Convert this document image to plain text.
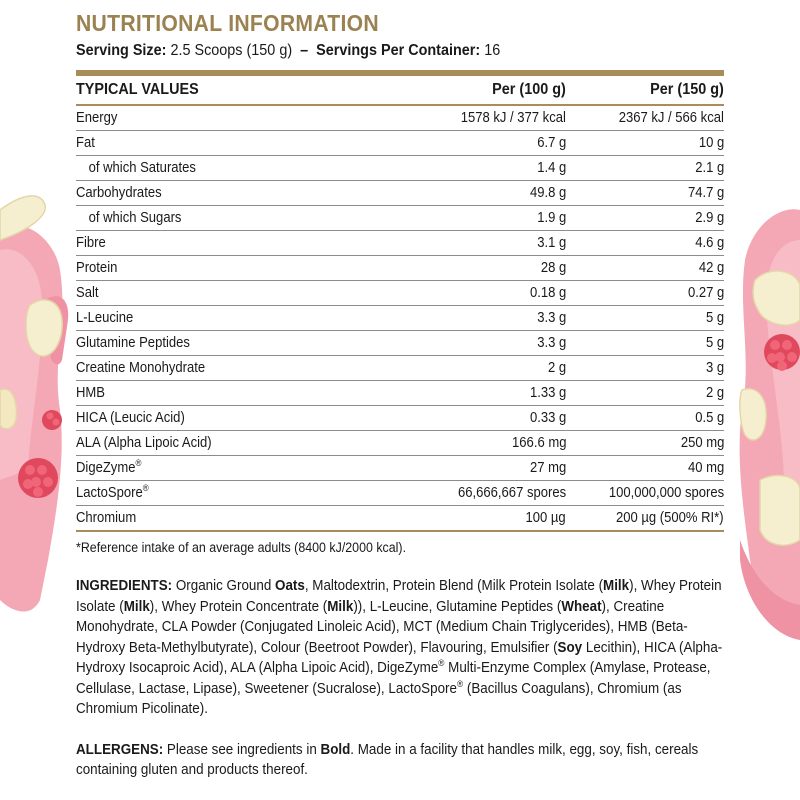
NUTRITIONAL INFORMATION
Serving Size: 2.5 Scoops (150 g) – Servings Per Container: 16
TYPICAL VALUES	Per (100 g)	Per (150 g)
Energy	1578 kJ / 377 kcal	2367 kJ / 566 kcal
Fat	6.7 g	10 g
of which Saturates	1.4 g	2.1 g
Carbohydrates	49.8 g	74.7 g
of which Sugars	1.9 g	2.9 g
Fibre	3.1 g	4.6 g
Protein	28 g	42 g
Salt	0.18 g	0.27 g
L-Leucine	3.3 g	5 g
Glutamine Peptides	3.3 g	5 g
Creatine Monohydrate	2 g	3 g
HMB	1.33 g	2 g
HICA (Leucic Acid)	0.33 g	0.5 g
ALA (Alpha Lipoic Acid)	166.6 mg	250 mg
DigeZyme®	27 mg	40 mg
LactoSpore®	66,666,667 spores	100,000,000 spores
Chromium	100 µg	200 µg (500% RI*)
*Reference intake of an average adults (8400 kJ/2000 kcal).
INGREDIENTS: Organic Ground Oats, Maltodextrin, Protein Blend (Milk Protein Isolate (Milk), Whey Protein Isolate (Milk), Whey Protein Concentrate (Milk)), L-Leucine, Glutamine Peptides (Wheat), Creatine Monohydrate, CLA Powder (Conjugated Linoleic Acid), MCT (Medium Chain Triglycerides), HMB (Beta-Hydroxy Beta-Methylbutyrate), Colour (Beetroot Powder), Flavouring, Emulsifier (Soy Lecithin), HICA (Alpha-Hydroxy Isocaproic Acid), ALA (Alpha Lipoic Acid), DigeZyme® Multi-Enzyme Complex (Amylase, Protease, Cellulase, Lactase, Lipase), Sweetener (Sucralose), LactoSpore® (Bacillus Coagulans), Chromium (as Chromium Picolinate).
ALLERGENS: Please see ingredients in Bold. Made in a facility that handles milk, egg, soy, fish, cereals containing gluten and products thereof.
